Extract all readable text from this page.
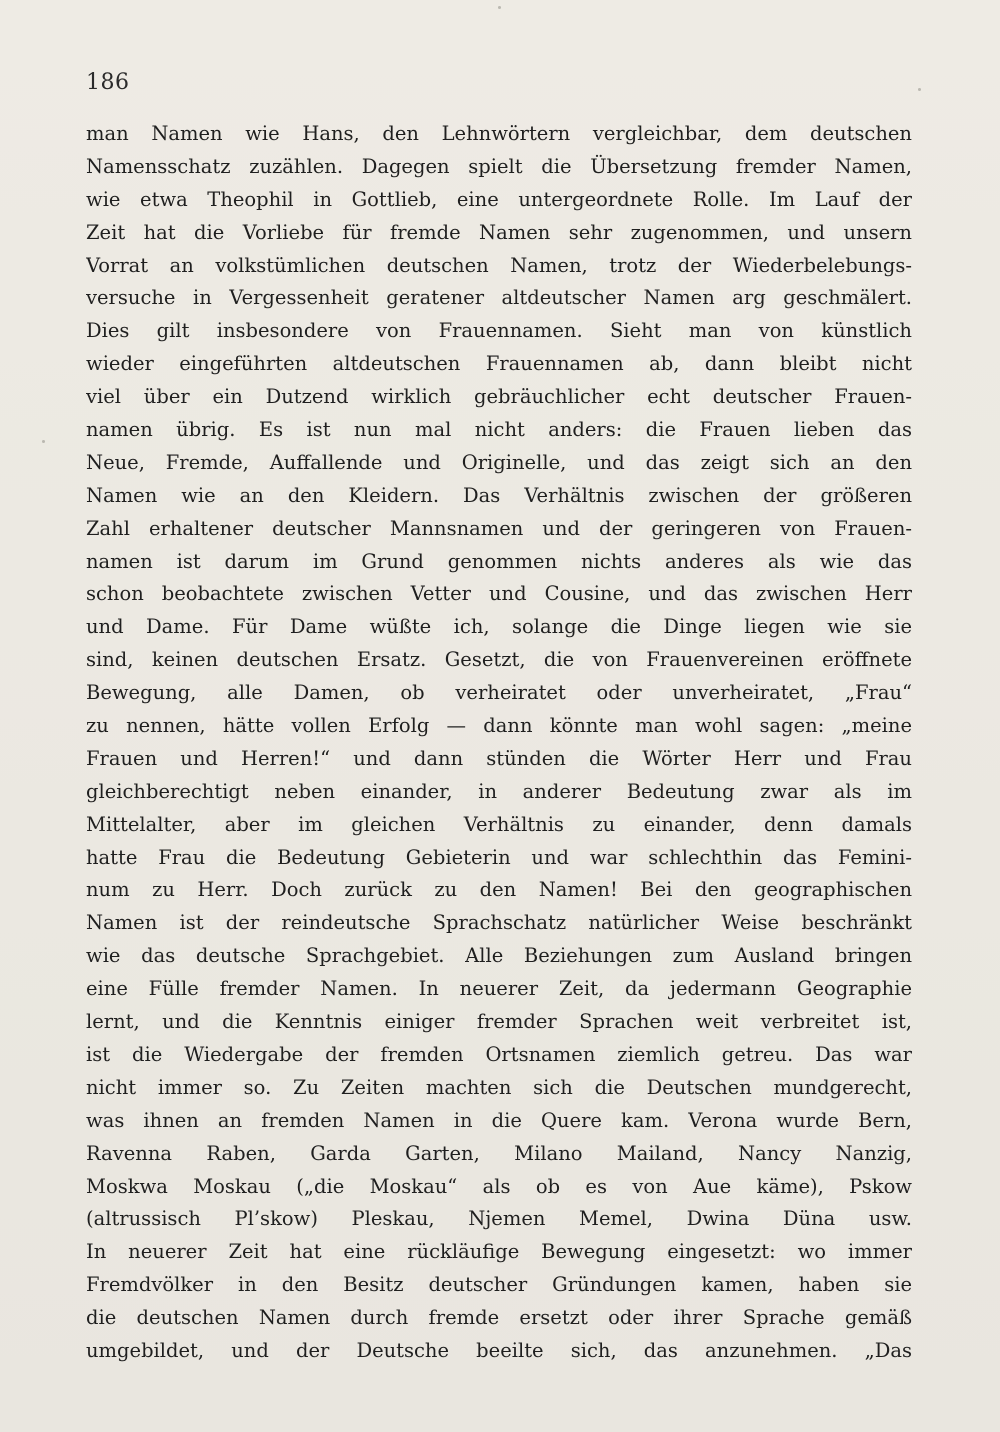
186
man Namen wie Hans, den Lehnwörtern vergleichbar, dem deutschen
Namensschatz zuzählen. Dagegen spielt die Übersetzung fremder Namen,
wie etwa Theophil in Gottlieb, eine untergeordnete Rolle. Im Lauf der
Zeit hat die Vorliebe für fremde Namen sehr zugenommen, und unsern
Vorrat an volkstümlichen deutschen Namen, trotz der Wiederbelebungs-
versuche in Vergessenheit geratener altdeutscher Namen arg geschmälert.
Dies gilt insbesondere von Frauennamen. Sieht man von künstlich
wieder eingeführten altdeutschen Frauennamen ab, dann bleibt nicht
viel über ein Dutzend wirklich gebräuchlicher echt deutscher Frauen-
namen übrig. Es ist nun mal nicht anders: die Frauen lieben das
Neue, Fremde, Auffallende und Originelle, und das zeigt sich an den
Namen wie an den Kleidern. Das Verhältnis zwischen der größeren
Zahl erhaltener deutscher Mannsnamen und der geringeren von Frauen-
namen ist darum im Grund genommen nichts anderes als wie das
schon beobachtete zwischen Vetter und Cousine, und das zwischen Herr
und Dame. Für Dame wüßte ich, solange die Dinge liegen wie sie
sind, keinen deutschen Ersatz. Gesetzt, die von Frauenvereinen eröffnete
Bewegung, alle Damen, ob verheiratet oder unverheiratet, „Frau“
zu nennen, hätte vollen Erfolg — dann könnte man wohl sagen: „meine
Frauen und Herren!“ und dann stünden die Wörter Herr und Frau
gleichberechtigt neben einander, in anderer Bedeutung zwar als im
Mittelalter, aber im gleichen Verhältnis zu einander, denn damals
hatte Frau die Bedeutung Gebieterin und war schlechthin das Femini-
num zu Herr. Doch zurück zu den Namen! Bei den geographischen
Namen ist der reindeutsche Sprachschatz natürlicher Weise beschränkt
wie das deutsche Sprachgebiet. Alle Beziehungen zum Ausland bringen
eine Fülle fremder Namen. In neuerer Zeit, da jedermann Geographie
lernt, und die Kenntnis einiger fremder Sprachen weit verbreitet ist,
ist die Wiedergabe der fremden Ortsnamen ziemlich getreu. Das war
nicht immer so. Zu Zeiten machten sich die Deutschen mundgerecht,
was ihnen an fremden Namen in die Quere kam. Verona wurde Bern,
Ravenna Raben, Garda Garten, Milano Mailand, Nancy Nanzig,
Moskwa Moskau („die Moskau“ als ob es von Aue käme), Pskow
(altrussisch Pl’skow) Pleskau, Njemen Memel, Dwina Düna usw.
In neuerer Zeit hat eine rückläufige Bewegung eingesetzt: wo immer
Fremdvölker in den Besitz deutscher Gründungen kamen, haben sie
die deutschen Namen durch fremde ersetzt oder ihrer Sprache gemäß
umgebildet, und der Deutsche beeilte sich, das anzunehmen. „Das
